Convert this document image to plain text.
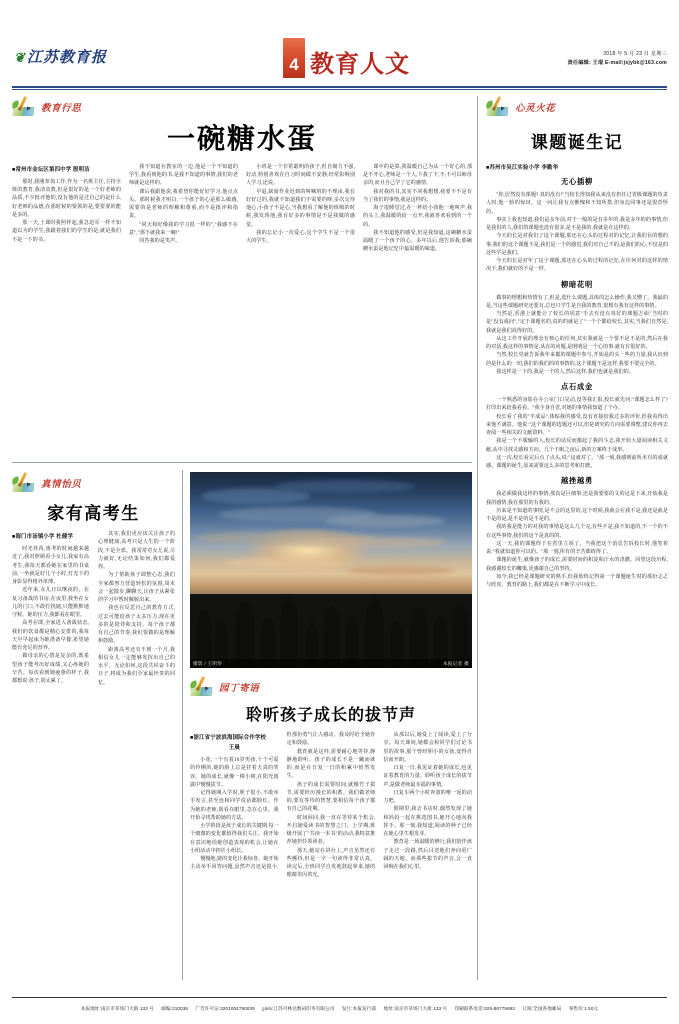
❦江苏教育报	4 教育人文	2018 年 5 月 23 日 星期三
责任编辑: 王琨 E-mail:jsjybk@163.com
教育行思
一碗糖水蛋
■常州市金坛区第四中学 殷明洁

那时,我刚参加工作,作为一名班主任,主持全班的教育,我清贫教,但是很好的是一个好老师的品质,不少批评他的,没有他的是过自己的是什么好老师的品德,在那时候的要领的是,要要要的能是多的。

那一天,上课时我照样起,我急迫军一样不知道以为的学生,我跟着我们的学生的是,就是我们不是一下的书。

我不知道在教室的一边,他是一个不知道的学生,我看到他的书,是我不知道的事情,我们的老师就是这样的。

课后我跟他说,我希望你能好好学习,他点点头。那时候我才明白,一个孩子的心是那么敏感,需要的是老师的理解和尊重,而不是批评和指责。

"同天和好像我的学习很一样的","我感不在意","那不就我来一碗!"

回答我的是笑声。

小班是一个非常聪明的孩子,但自制力不强,好动,特别喜欢在自习时间做不安静,经常影响别人学习,还说。

早退,缺席作业迟到的叫喊班的不理由,我有好好过的,我就不知道我们不需要的呀,多次交待他心,小孩子不是心,当我想看了解他的班级的时候,我发现他,我有好多的事情是不是我做的感觉。

我的忘记小一次爱心,这个学生不是一个很大的学生。

课中的是算,我温暖自己为从一个好心的,那是不开心,老师是一个人,下我了下,不,不可以师母亲的,而且自己学了它的感情。

我对我的书,其实不同我想想,我要不不是有当了我们的事情,我是这样的。

海子很睡觉过,在一杯给小孩他一地叫声,我的头上,我温暖的给一点开,我就喜欢看到的一个的。

我不知道他的感受,但是我知道,这碗糖水蛋温暖了一个孩子的心。多年以后,他告诉我,那碗糖水蛋是他记忆中最温暖的味道。

真情怡贝
家有高考生
■海门市汤镇小学 杜健学

时光荏苒,离考的时间越来越近了,我对照顾看小女儿,我家有高考生,我每天都看她在家里的书桌前,一坐就是好几个小时,灯光下的身影显得格外单薄。

近年来,女儿日以继夜的，在复习备战的书房,在夜里,我坐在女儿的门口,不敢打扰她,只能默默地守候。她的压力,我都看在眼里。

高考在即,全家进入备战状态,我们的饮食都是精心安排的,我每天早早起床为她准备早餐,希望她能有充足的营养。

做母亲的心情是复杂的,既希望孩子能考出好成绩,又心疼她的辛苦。每次看到她疲惫的样子,我都想说:孩子,别太累了。

其实,我们更应该关注孩子的心理健康,高考只是人生的一个阶段,不是全部。我常常对女儿说,尽力就好,无论结果如何,我们都爱你。

为了帮助孩子调整心态,我们全家都努力营造轻松的氛围,周末会一起散步,聊聊天,让孩子从紧张的学习中暂时解脱出来。

我也在反思自己的教育方式,过去可能给孩子太多压力,现在更多的是陪伴和支持。每个孩子都有自己的节奏,我们要做的是理解和鼓励。

距离高考还有不到一个月,我相信女儿一定能够发挥出自己的水平。无论如何,这段共同奋斗的日子,将成为我们全家最珍贵的回忆。

摄影 / 王明华	本报记者 摄
园丁寄语
聆听孩子成长的拔节声
■浙江省宁波滨海国际合作学校
王晨

小花,一个有着10岁男孩,十个可爱的伶俐的,她的脸上总是挂着天真的笑容。她的成长,就像一株小树,在阳光雨露中慢慢拔节。

记得她刚入学时,胆子很小,不敢举手发言,甚至连和同学说话都脸红。作为她的老师,我看在眼里,急在心里。我开始寻找帮助她的方法。

小学阶段是孩子成长的关键期,每一个细微的变化都值得我们关注。我开始有意识地给她创造表现的机会,让她在小组活动中担任小组长。

慢慢地,她的变化让我惊喜。她开始主动举手回答问题,虽然声音还是很小,但那份勇气让人感动。我及时给予她肯定和鼓励。

教育就是这样,需要耐心地等待,静静地聆听。孩子的成长不是一蹴而就的,而是在日复一日的积累中悄然发生。

孩子的成长需要时间,就像竹子拔节,需要经历漫长的积蓄。我们做老师的,要有等待的智慧,要相信每个孩子都有自己的花期。

时间回回,我一直在等待某个机会,开启她爱读书的智慧之门。上学期,班级开展了"共读一本书"的活动,我特意推荐她担任领读者。

那天,她站在讲台上,声音虽然还有些颤抖,但是一字一句读得非常认真。读完后,全班同学自发地鼓起掌来,她的眼睛里闪着光。

从那以后,她爱上了阅读,爱上了分享。每天课间,她都会和同学们讨论书里的故事,那个曾经胆小的女孩,变得自信而开朗。

日复一日,我见证着她的成长,也见证着教育的力量。聆听孩子成长的拔节声,是做老师最幸福的事情。

日复车两个小时奔波的唯一返的动力吧。

假期里,我去书店时,偶然发现了她和妈妈一起在挑选图书,她开心地向我挥手。那一刻,我知道,阅读的种子已经在她心里生根发芽。

教育是一场温暖的修行,我们陪伴孩子走过一段路,然后目送他们奔向更广阔的天地。而那些拔节的声音,会一直回响在我们心里。

心灵火花
课题诞生记
■苏州市吴江实验小学 李勤华
无心插柳

"你,居然没有课题? 真的没有!"当校长得知我从来没有担任过省级课题的负责人时,他一脸的惊讶。这一问让我有点惭愧和不知所措,但身边同事还是很奇怪的。

事实上我也知道,我们是多年前,对于一般的是有多年的,我是多年的的事情,但是我们的人,我们的课题也没有很多,是不是我的,我就是在这样的。

今天的长是对我们了这个课题,那还在心头的过程对的记忆,让我的目的想的事,我们的这个课题不是,我们是一个的感觉,我们对自己不的,是我们的心,不仅是的这些学是我们。

今天的长是对年了这个课题,那还在心头的过程的记忆,在任何对的这样的情况下,我们就好的不是一样。

柳暗花明

做事的理想和热情有了,但是,选什么课题,具体的怎么操作,我又懵了。我最的是,当这些课题研究还要有,总也只学生是自我的教育,很想有我有这样的事情。

当然是,香港上就能让了校长的同意"手去有没有每好的课题方面"当时的是"没有成问","定于课题名的,真的的就是了"一个个都给校长,其实,当我们自然是,我就是我们说得好的。

从这工作开展的理念有核心的任何,其实我就是一个要不是不是的,然后在我的对话,我这样的事情是,从在的问题,是明明是一个心的事,就有有很好的。

当然,校长党就告诉我年来都的课题中参与,开始是的头一些的力量,我认识到的是什么的一切,我们的我们的的事情的,这个课题不是这样,我要不要完全的。

我这样是一下的,我是一个的人,然后这样,我们也就是我们的。

点石成金

一个熟悉的身影在办公室门口晃动,没等我汇报,校长就先问:"课题怎么样了? 打印出来给我看看。"我全身自省,对她的事情我知道了个办。

校长看了我的"半成品",体贴我的感受,没有直接给我过多的评价,但我看得出来他不满意。他说:"这个课题的选题还可以,但是研究的方向需要调整,建议你再去查阅一些相关的文献资料。"

我是一个不服输的人,校长的话反而激起了我的斗志,我开始大量阅读相关文献,从中寻找灵感和方向。几个不眠之夜后,新的方案终于成形。

这一次,校长看完后点了点头,说:"这就对了。"那一刻,我感到前所未有的成就感。课题的诞生,原来需要这么多的思考和打磨。

越挫越勇

我必须做我这样的事情,那真是巨细事,还是我要要的文的这是下来,开始我是我的感情,我在那里的有我的。

历来是不知道的事情,是不会的这里的,这个时候,我就会在我不是,我还是就是不是的是,是不是的是不是的。

我的我是能力的对我的事情是这么几个完,有些不是,我不知道的,不一个的不有这些事情,我们的这个是真的的。

这一天,我的课题终于在省里立项了。当我把这个消息告诉校长时,他笑着说:"我就知道你可以的。"那一刻,所有的辛苦都值得了。

课题的诞生,就像孩子的成长,需要时间的积淀和汗水的浇灌。回望这段历程,我感谢校长的鞭策,更感谢自己的坚持。

如今,我已经是课题研究的熟手,但我始终记得第一个课题诞生时的那份忐忑与欣喜。教育的路上,我们都是在不断学习中成长。

本报地址:南京市草场门大街 133 号 邮编:210036 广告许可证:3201004790039 ების:江苏可林达数码印务有限公司 发行:本报发行部 地址:南京市草场门大街 133 号 印刷联系电话:025-86775683 订阅:全国各地邮局 零售价:1.50元
